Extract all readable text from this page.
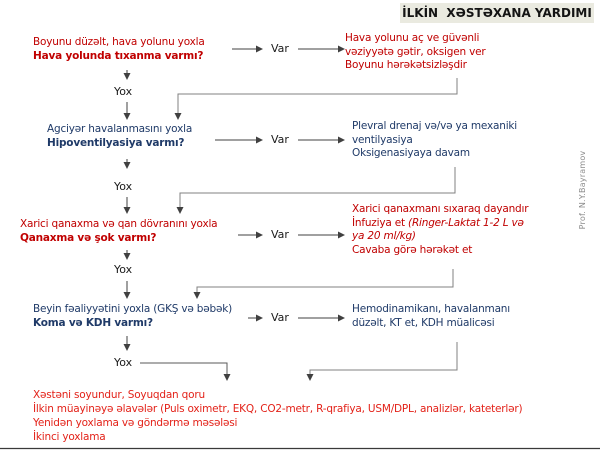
İLKİN  XƏSTƏXANA YARDIMI
Boyunu düzəlt, hava yolunu yoxla
Hava yolunda tıxanma varmı?
Hava yolunu aç ve güvənli
vəziyyətə gətir, oksigen ver
Boyunu hərəkətsizləşdir
Agciyər havalanmasını yoxla
Hipoventilyasiya varmı?
Plevral drenaj və/və ya mexaniki
ventilyasiya
Oksigenasiyaya davam
Xarici qanaxma və qan dövranını yoxla
Qanaxma və şok varmı?
Xarici qanaxmanı sıxaraq dayandır
İnfuziya et (Ringer-Laktat 1-2 L və
ya 20 ml/kg)
Cavaba görə hərəkət et
Beyin fəaliyyətini yoxla (GKŞ və bəbək)
Koma və KDH varmı?
Hemodinamikanı, havalanmanı
düzəlt, KT et, KDH müalicəsi
Var
Var
Var
Var
Yox
Yox
Yox
Yox
Xəstəni soyundur, Soyuqdan qoru
İlkin müayinəyə əlavələr (Puls oximetr, EKQ, CO2-metr, R-qrafiya, USM/DPL, analizlər, kateterlər)
Yenidən yoxlama və göndərmə məsələsi
İkinci yoxlama
Prof. N.Y.Bayramov
